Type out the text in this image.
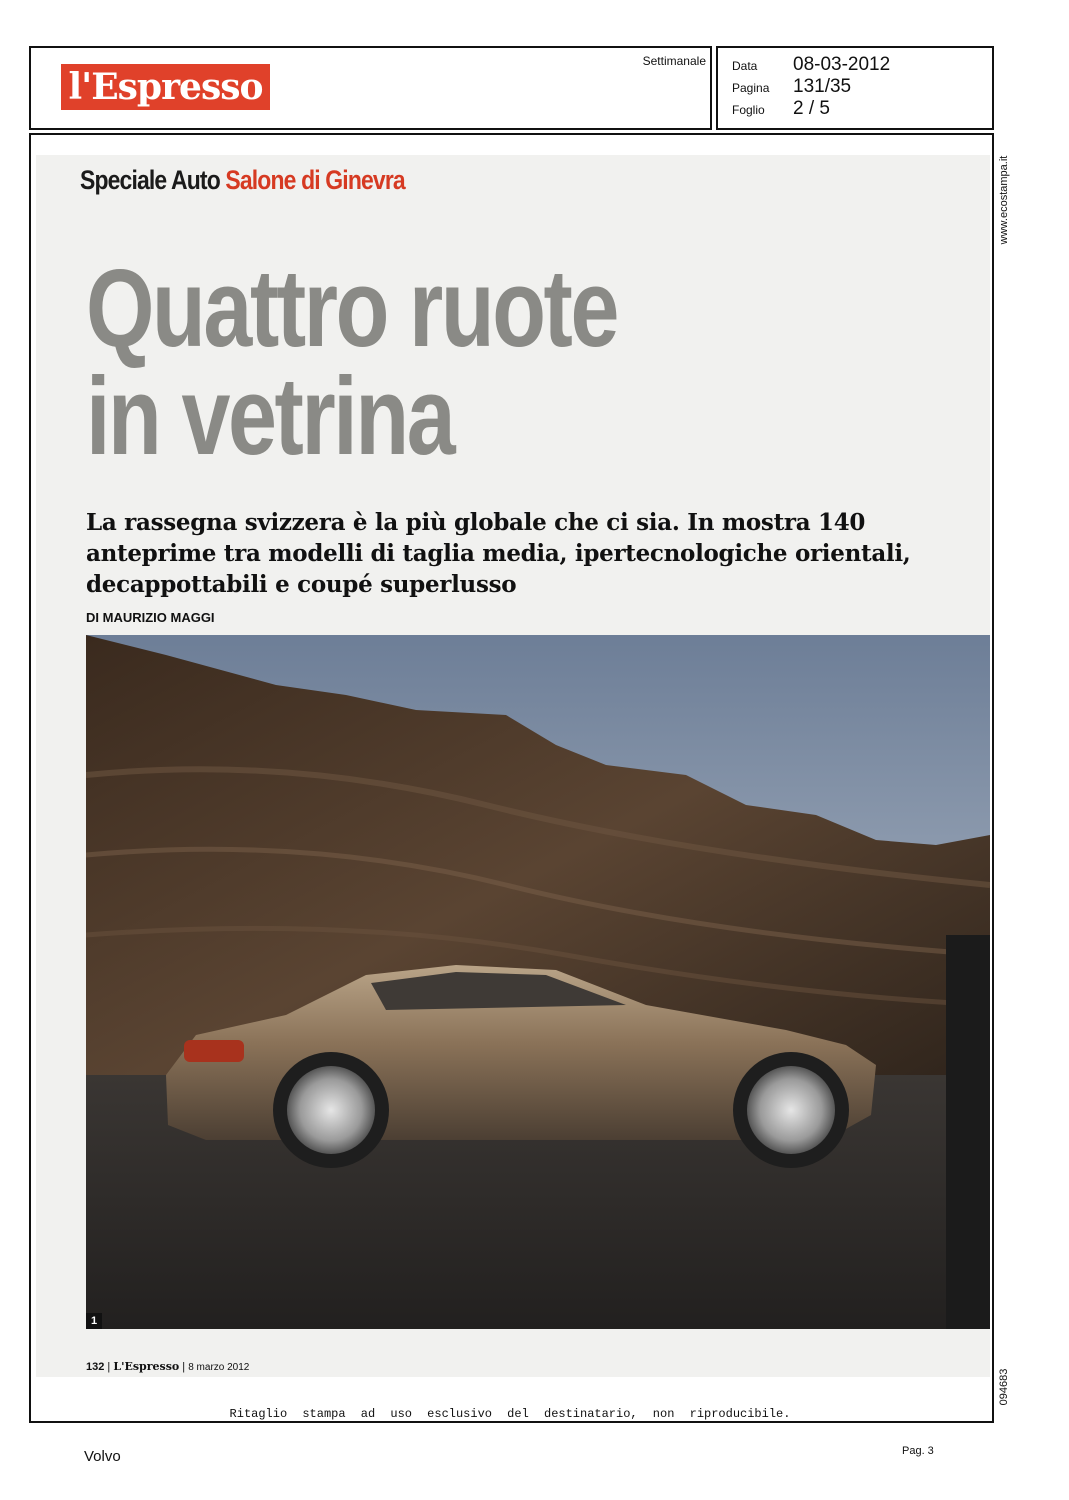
l'Espresso
Settimanale Data	08-03-2012
Pagina	131/35
Foglio	2 / 5
www.ecostampa.it
094683
Speciale Auto Salone di Ginevra
Quattro ruote
in vetrina
La rassegna svizzera è la più globale che ci sia. In mostra 140 anteprime tra modelli di taglia media, ipertecnologiche orientali, decappottabili e coupé superlusso
DI MAURIZIO MAGGI
1
132 | L'Espresso | 8 marzo 2012
Ritaglio stampa ad uso esclusivo del destinatario, non riproducibile.
Volvo	Pag. 3
